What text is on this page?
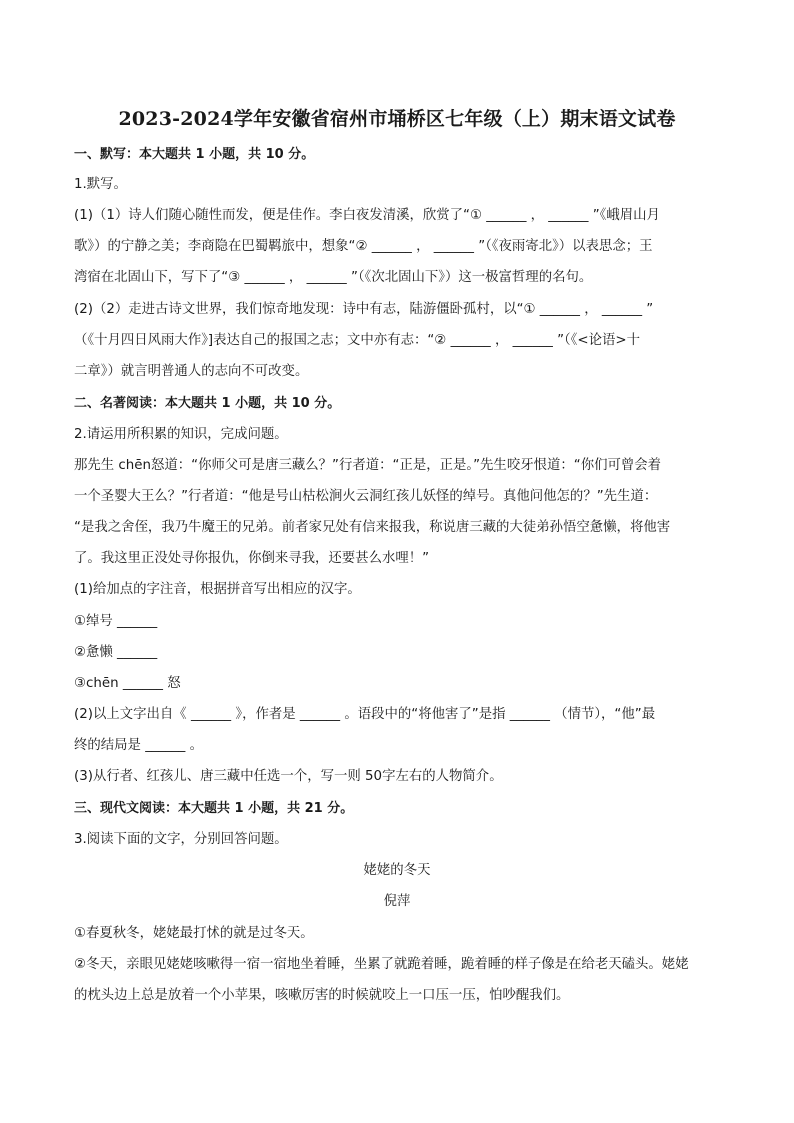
2023-2024学年安徽省宿州市埇桥区七年级（上）期末语文试卷
一、默写：本大题共 1 小题，共 10 分。
1.默写。
(1)（1）诗人们随心随性而发，便是佳作。李白夜发清溪，欣赏了“① ______ ， ______ ”《峨眉山月
歌》）的宁静之美；李商隐在巴蜀羁旅中，想象“② ______ ， ______ ”（《夜雨寄北》）以表思念；王
湾宿在北固山下，写下了“③ ______ ， ______ ”（《次北固山下》）这一极富哲理的名句。
(2)（2）走进古诗文世界，我们惊奇地发现：诗中有志，陆游僵卧孤村，以“① ______ ， ______ ”
（《十月四日风雨大作》]表达自己的报国之志；文中亦有志：“② ______ ， ______ ”（《<论语>十
二章》）就言明普通人的志向不可改变。
二、名著阅读：本大题共 1 小题，共 10 分。
2.请运用所积累的知识，完成问题。
那先生 chēn怒道：“你师父可是唐三藏么？”行者道：“正是，正是。”先生咬牙恨道：“你们可曾会着
一个圣婴大王么？”行者道：“他是号山枯松涧火云洞红孩儿妖怪的绰号。真他问他怎的？”先生道：
“是我之舍侄，我乃牛魔王的兄弟。前者家兄处有信来报我，称说唐三藏的大徒弟孙悟空惫懒，将他害
了。我这里正没处寻你报仇，你倒来寻我，还要甚么水哩！”
(1)给加点的字注音，根据拼音写出相应的汉字。
①绰号 ______
②惫懒 ______
③chēn ______ 怒
(2)以上文字出自《 ______ 》，作者是 ______ 。语段中的“将他害了”是指 ______ （情节），“他”最
终的结局是 ______ 。
(3)从行者、红孩儿、唐三藏中任选一个，写一则 50字左右的人物简介。
三、现代文阅读：本大题共 1 小题，共 21 分。
3.阅读下面的文字，分别回答问题。
姥姥的冬天
倪萍
①春夏秋冬，姥姥最打怵的就是过冬天。
②冬天，亲眼见姥姥咳嗽得一宿一宿地坐着睡，坐累了就跪着睡，跪着睡的样子像是在给老天磕头。姥姥
的枕头边上总是放着一个小苹果，咳嗽厉害的时候就咬上一口压一压，怕吵醒我们。
